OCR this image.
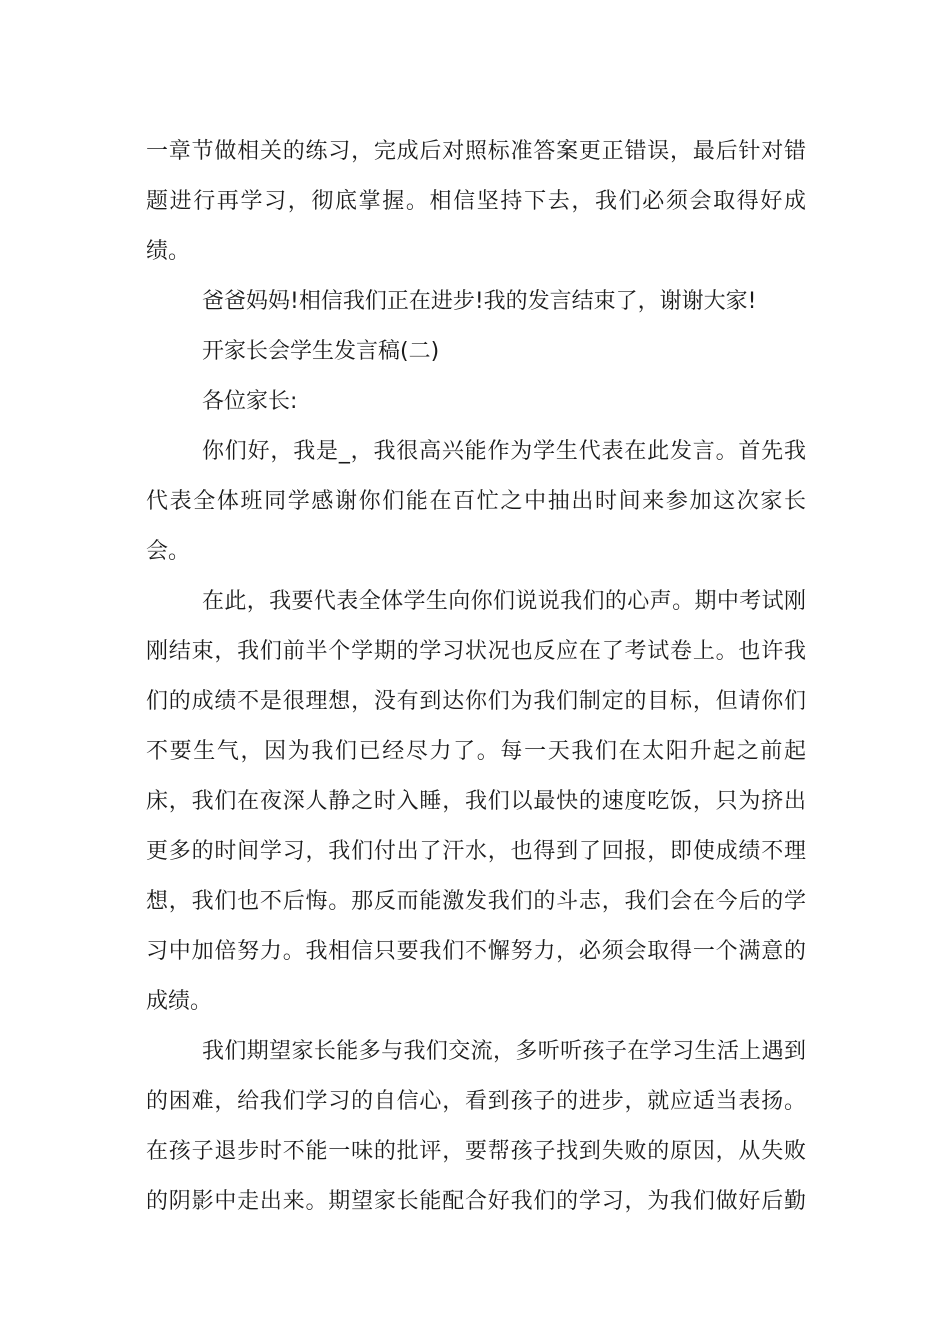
一章节做相关的练习，完成后对照标准答案更正错误，最后针对错
题进行再学习，彻底掌握。相信坚持下去，我们必须会取得好成
绩。
爸爸妈妈!相信我们正在进步!我的发言结束了，谢谢大家!
开家长会学生发言稿(二)
各位家长:
你们好，我是_，我很高兴能作为学生代表在此发言。首先我
代表全体班同学感谢你们能在百忙之中抽出时间来参加这次家长
会。
在此，我要代表全体学生向你们说说我们的心声。期中考试刚
刚结束，我们前半个学期的学习状况也反应在了考试卷上。也许我
们的成绩不是很理想，没有到达你们为我们制定的目标，但请你们
不要生气，因为我们已经尽力了。每一天我们在太阳升起之前起
床，我们在夜深人静之时入睡，我们以最快的速度吃饭，只为挤出
更多的时间学习，我们付出了汗水，也得到了回报，即使成绩不理
想，我们也不后悔。那反而能激发我们的斗志，我们会在今后的学
习中加倍努力。我相信只要我们不懈努力，必须会取得一个满意的
成绩。
我们期望家长能多与我们交流，多听听孩子在学习生活上遇到
的困难，给我们学习的自信心，看到孩子的进步，就应适当表扬。
在孩子退步时不能一味的批评，要帮孩子找到失败的原因，从失败
的阴影中走出来。期望家长能配合好我们的学习，为我们做好后勤
